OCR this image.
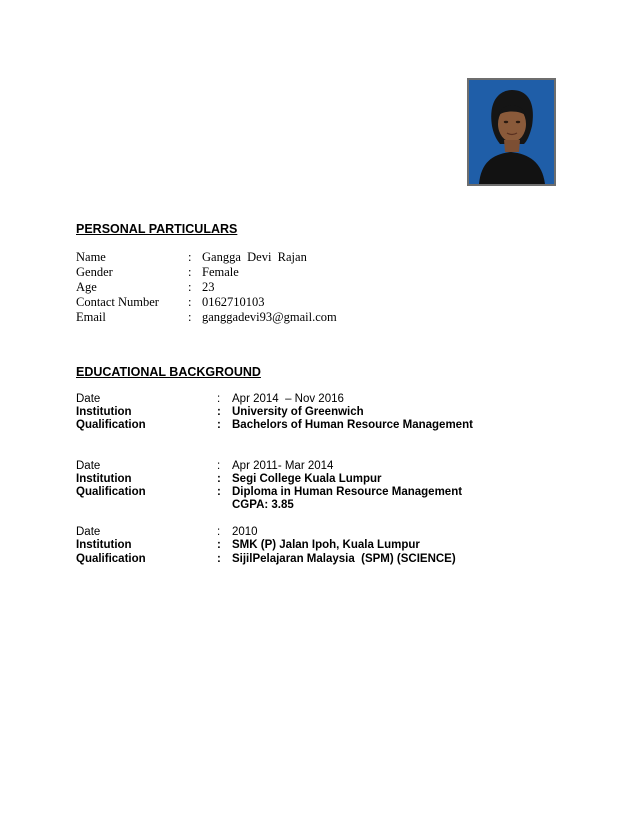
PERSONAL PARTICULARS
Name	: Gangga  Devi  Rajan
Gender	: Female
Age	: 23
Contact Number : 0162710103
Email	: ganggadevi93@gmail.com
EDUCATIONAL BACKGROUND
Date	: Apr 2014  – Nov 2016
Institution	: University of Greenwich
Qualification	: Bachelors of Human Resource Management
Date	: Apr 2011- Mar 2014
Institution	: Segi College Kuala Lumpur
Qualification	: Diploma in Human Resource Management
CGPA: 3.85
Date	: 2010
Institution	: SMK (P) Jalan Ipoh, Kuala Lumpur
Qualification	: SijilPelajaran Malaysia  (SPM) (SCIENCE)
